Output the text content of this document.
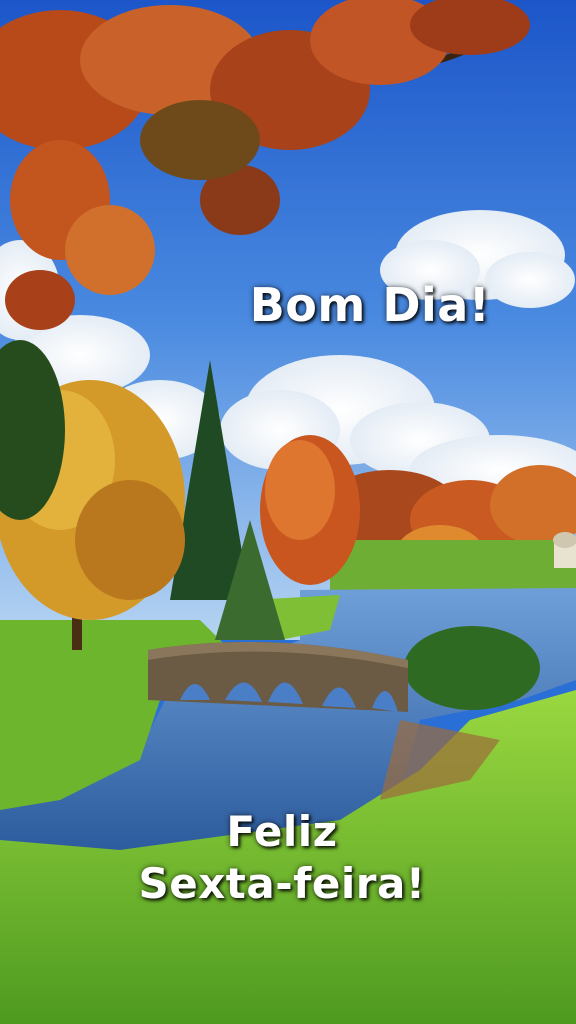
Bom Dia!
Feliz
Sexta-feira!
